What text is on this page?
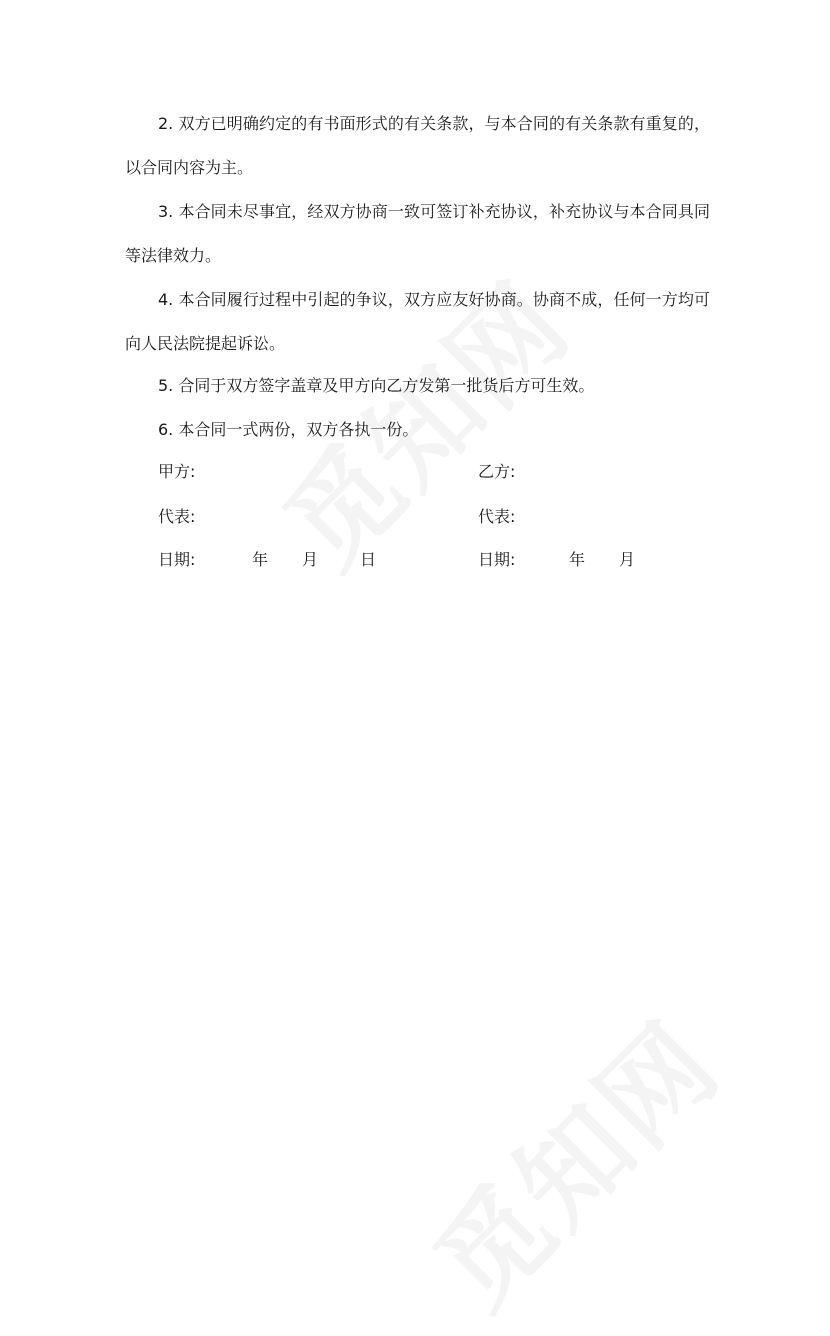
2. 双方已明确约定的有书面形式的有关条款，与本合同的有关条款有重复的，以合同内容为主。

3. 本合同未尽事宜，经双方协商一致可签订补充协议，补充协议与本合同具同等法律效力。

4. 本合同履行过程中引起的争议，双方应友好协商。协商不成，任何一方均可向人民法院提起诉讼。

5. 合同于双方签字盖章及甲方向乙方发第一批货后方可生效。

6. 本合同一式两份，双方各执一份。

甲方:	乙方:
代表:	代表:
日期:	年 月	日	日期:	年 月
